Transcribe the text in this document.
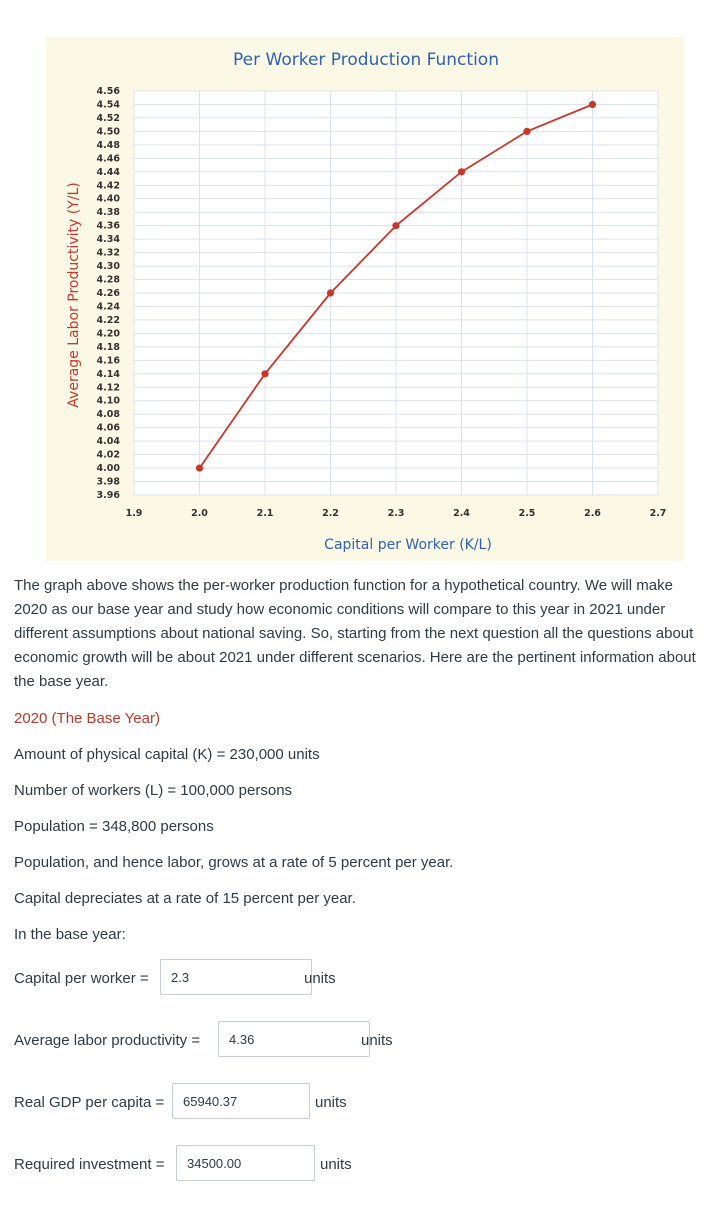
3.96
3.98
4.00
4.02
4.04
4.06
4.08
4.10
4.12
4.14
4.16
4.18
4.20
4.22
4.24
4.26
4.28
4.30
4.32
4.34
4.36
4.38
4.40
4.42
4.44
4.46
4.48
4.50
4.52
4.54
4.56
1.9	2.0	2.1	2.2	2.3	2.4	2.5	2.6	2.7
Per Worker Production Function
Capital per Worker (K/L)
Average Labor Productivity (Y/L)
The graph above shows the per-worker production function for a hypothetical country. We will make 2020 as our base year and study how economic conditions will compare to this year in 2021 under different assumptions about national saving. So, starting from the next question all the questions about economic growth will be about 2021 under different scenarios. Here are the pertinent information about the base year.
2020 (The Base Year)
Amount of physical capital (K) = 230,000 units
Number of workers (L) = 100,000 persons
Population = 348,800 persons
Population, and hence labor, grows at a rate of 5 percent per year.
Capital depreciates at a rate of 15 percent per year.
In the base year:
Capital per worker =	2.3	units
Average labor productivity =	4.36	units
Real GDP per capita =	65940.37	units
Required investment =	34500.00	units
